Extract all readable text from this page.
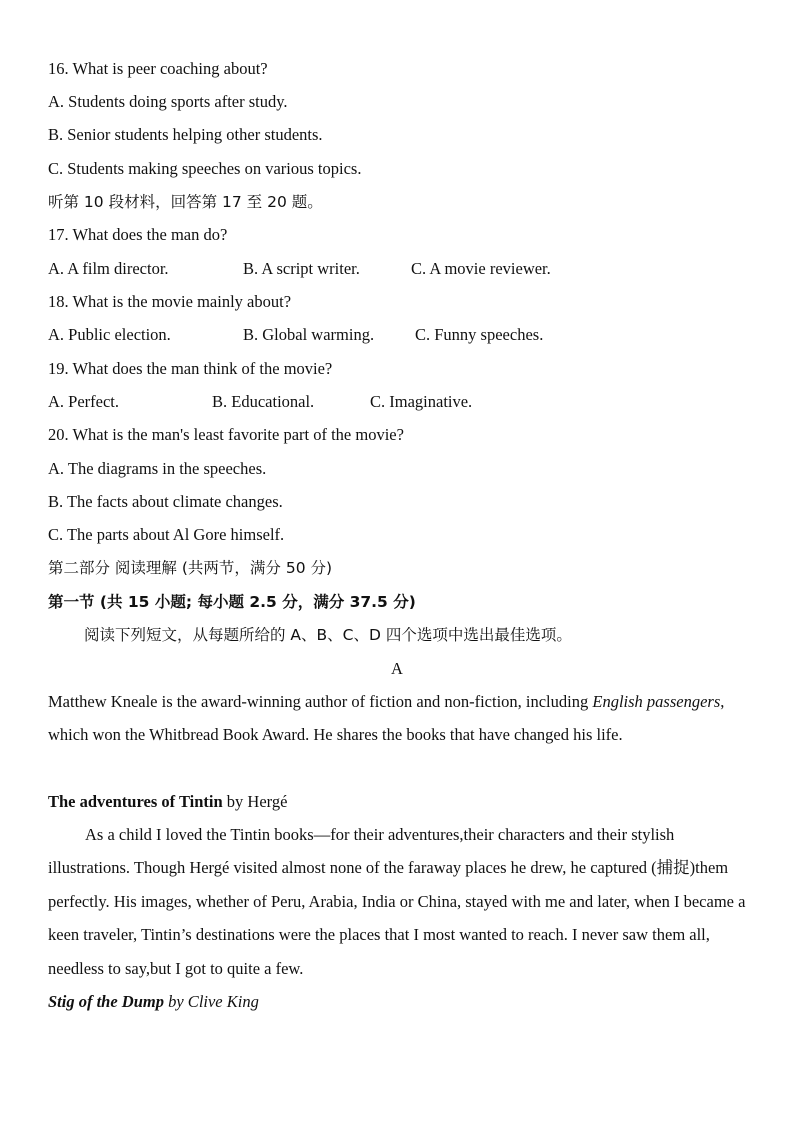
16. What is peer coaching about?
A. Students doing sports after study.
B. Senior students helping other students.
C. Students making speeches on various topics.
听第 10 段材料，回答第 17 至 20 题。
17. What does the man do?
A. A film director.	B. A script writer.	C. A movie reviewer.
18. What is the movie mainly about?
A. Public election.	B. Global warming. C. Funny speeches.
19. What does the man think of the movie?
A. Perfect.	B. Educational.	C. Imaginative.
20. What is the man's least favorite part of the movie?
A. The diagrams in the speeches.
B. The facts about climate changes.
C. The parts about Al Gore himself.
第二部分 阅读理解 (共两节，满分 50 分)
第一节 (共 15 小题; 每小题 2.5 分，满分 37.5 分)
阅读下列短文，从每题所给的 A、B、C、D 四个选项中选出最佳选项。
A
Matthew Kneale is the award-winning author of fiction and non-fiction, including English passengers, which won the Whitbread Book Award. He shares the books that have changed his life.
The adventures of Tintin by Hergé
As a child I loved the Tintin books—for their adventures,their characters and their stylish illustrations. Though Hergé visited almost none of the faraway places he drew, he captured (捕捉)them perfectly. His images, whether of Peru, Arabia, India or China, stayed with me and later, when I became a keen traveler, Tintin’s destinations were the places that I most wanted to reach. I never saw them all, needless to say,but I got to quite a few.
Stig of the Dump by Clive King
